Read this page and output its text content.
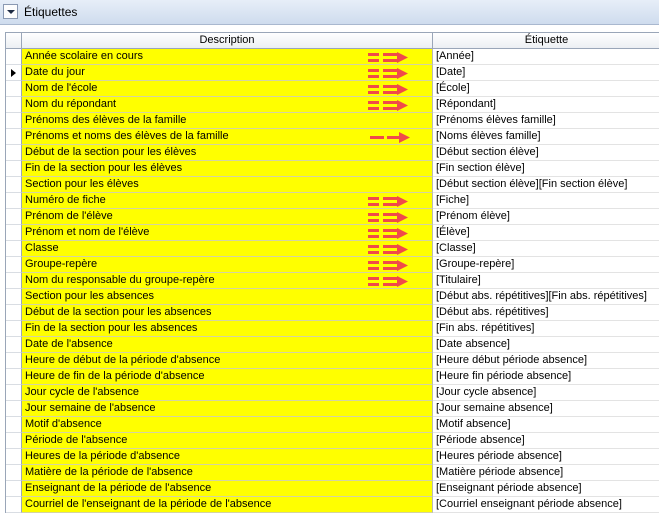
Étiquettes
Description	Étiquette
Année scolaire en cours	[Année]
Date du jour	[Date]
Nom de l'école	[École]
Nom du répondant	[Répondant]
Prénoms des élèves de la famille	[Prénoms élèves famille]
Prénoms et noms des élèves de la famille	[Noms élèves famille]
Début de la section pour les élèves	[Début section élève]
Fin de la section pour les élèves	[Fin section élève]
Section pour les élèves	[Début section élève][Fin section élève]
Numéro de fiche	[Fiche]
Prénom de l'élève	[Prénom élève]
Prénom et nom de l'élève	[Élève]
Classe	[Classe]
Groupe-repère	[Groupe-repère]
Nom du responsable du groupe-repère	[Titulaire]
Section pour les absences	[Début abs. répétitives][Fin abs. répétitives]
Début de la section pour les absences	[Début abs. répétitives]
Fin de la section pour les absences	[Fin abs. répétitives]
Date de l'absence	[Date absence]
Heure de début de la période d'absence	[Heure début période absence]
Heure de fin de la période d'absence	[Heure fin période absence]
Jour cycle de l'absence	[Jour cycle absence]
Jour semaine de l'absence	[Jour semaine absence]
Motif d'absence	[Motif absence]
Période de l'absence	[Période absence]
Heures de la période d'absence	[Heures période absence]
Matière de la période de l'absence	[Matière période absence]
Enseignant de la période de l'absence	[Enseignant période absence]
Courriel de l'enseignant de la période de l'absence	[Courriel enseignant période absence]
